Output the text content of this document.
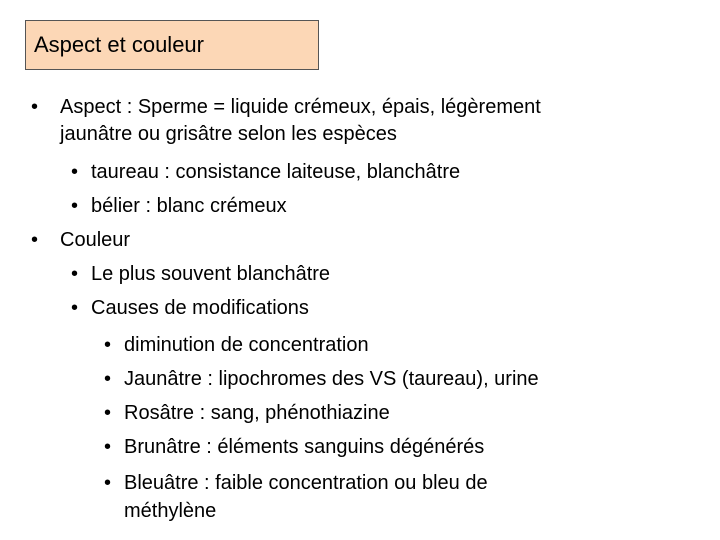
Aspect et couleur
• Aspect : Sperme = liquide crémeux, épais, légèrement
jaunâtre ou grisâtre selon les espèces
• taureau : consistance laiteuse, blanchâtre
• bélier : blanc crémeux
• Couleur
• Le plus souvent blanchâtre
• Causes de modifications
• diminution de concentration
• Jaunâtre : lipochromes des VS (taureau), urine
• Rosâtre : sang, phénothiazine
• Brunâtre : éléments sanguins dégénérés
• Bleuâtre : faible concentration ou bleu de
méthylène
